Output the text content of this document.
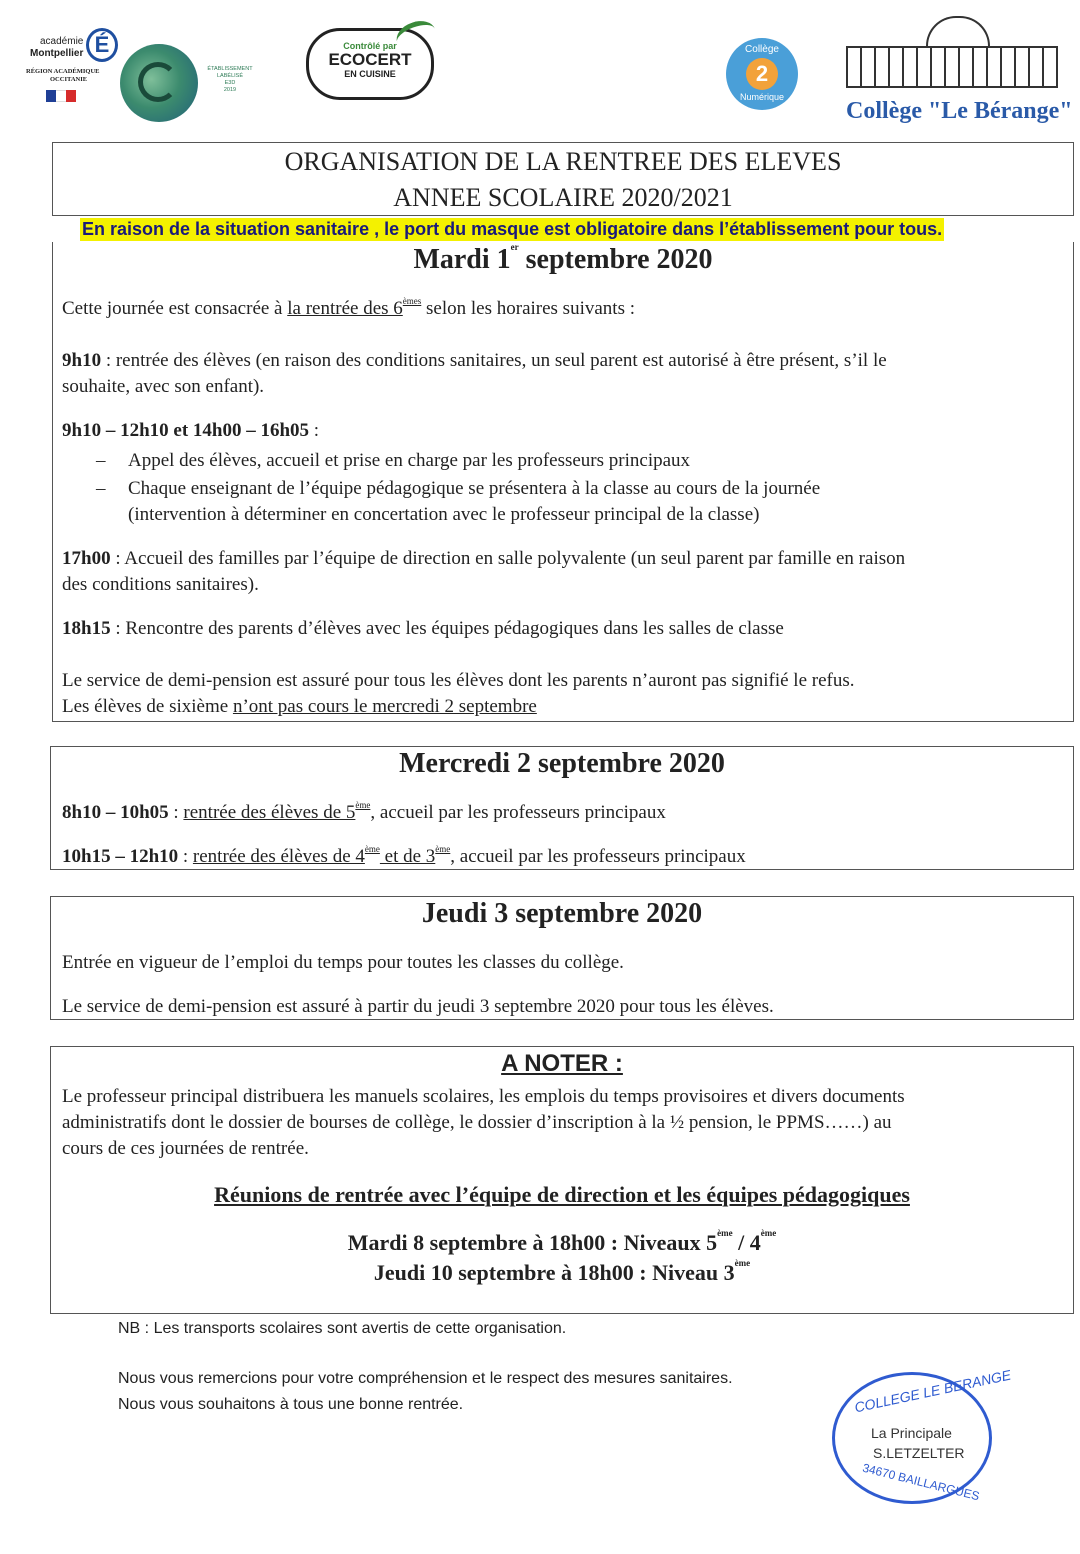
académie
Montpellier É
RÉGION ACADÉMIQUE
OCCITANIE
ÉTABLISSEMENT
LABÉLISÉ
E3D
2019
Contrôlé par
ECOCERT
EN CUISINE
Collège
2
Numérique
Collège "Le Bérange"
ORGANISATION DE LA RENTREE DES ELEVES
ANNEE SCOLAIRE 2020/2021
En raison de la situation sanitaire , le port du masque est obligatoire dans l’établissement pour tous.
Mardi 1er septembre 2020
Cette journée est consacrée à la rentrée des 6èmes selon les horaires suivants :
9h10 : rentrée des élèves (en raison des conditions sanitaires, un seul parent est autorisé à être présent, s’il le
souhaite, avec son enfant).
9h10 – 12h10 et 14h00 – 16h05 :
– Appel des élèves, accueil et prise en charge par les professeurs principaux
– Chaque enseignant de l’équipe pédagogique se présentera à la classe au cours de la journée
(intervention à déterminer en concertation avec le professeur principal de la classe)
17h00 : Accueil des familles par l’équipe de direction en salle polyvalente (un seul parent par famille en raison
des conditions sanitaires).
18h15 : Rencontre des parents d’élèves avec les équipes pédagogiques dans les salles de classe
Le service de demi-pension est assuré pour tous les élèves dont les parents n’auront pas signifié le refus.
Les élèves de sixième n’ont pas cours le mercredi 2 septembre
Mercredi 2 septembre 2020
8h10 – 10h05 : rentrée des élèves de 5ème, accueil par les professeurs principaux
10h15 – 12h10 : rentrée des élèves de 4ème et de 3ème, accueil par les professeurs principaux
Jeudi 3 septembre 2020
Entrée en vigueur de l’emploi du temps pour toutes les classes du collège.
Le service de demi-pension est assuré à partir du jeudi 3 septembre 2020 pour tous les élèves.
A NOTER :
Le professeur principal distribuera les manuels scolaires, les emplois du temps provisoires et divers documents
administratifs dont le dossier de bourses de collège, le dossier d’inscription à la ½ pension, le PPMS……) au
cours de ces journées de rentrée.
Réunions de rentrée avec l’équipe de direction et les équipes pédagogiques
Mardi 8 septembre à 18h00 : Niveaux 5ème / 4ème
Jeudi 10 septembre à 18h00 : Niveau 3ème
NB : Les transports scolaires sont avertis de cette organisation.
Nous vous remercions pour votre compréhension et le respect des mesures sanitaires.
Nous vous souhaitons à tous une bonne rentrée.	COLLEGE LE BERANGE
La Principale
S.LETZELTER
34670 BAILLARGUES
